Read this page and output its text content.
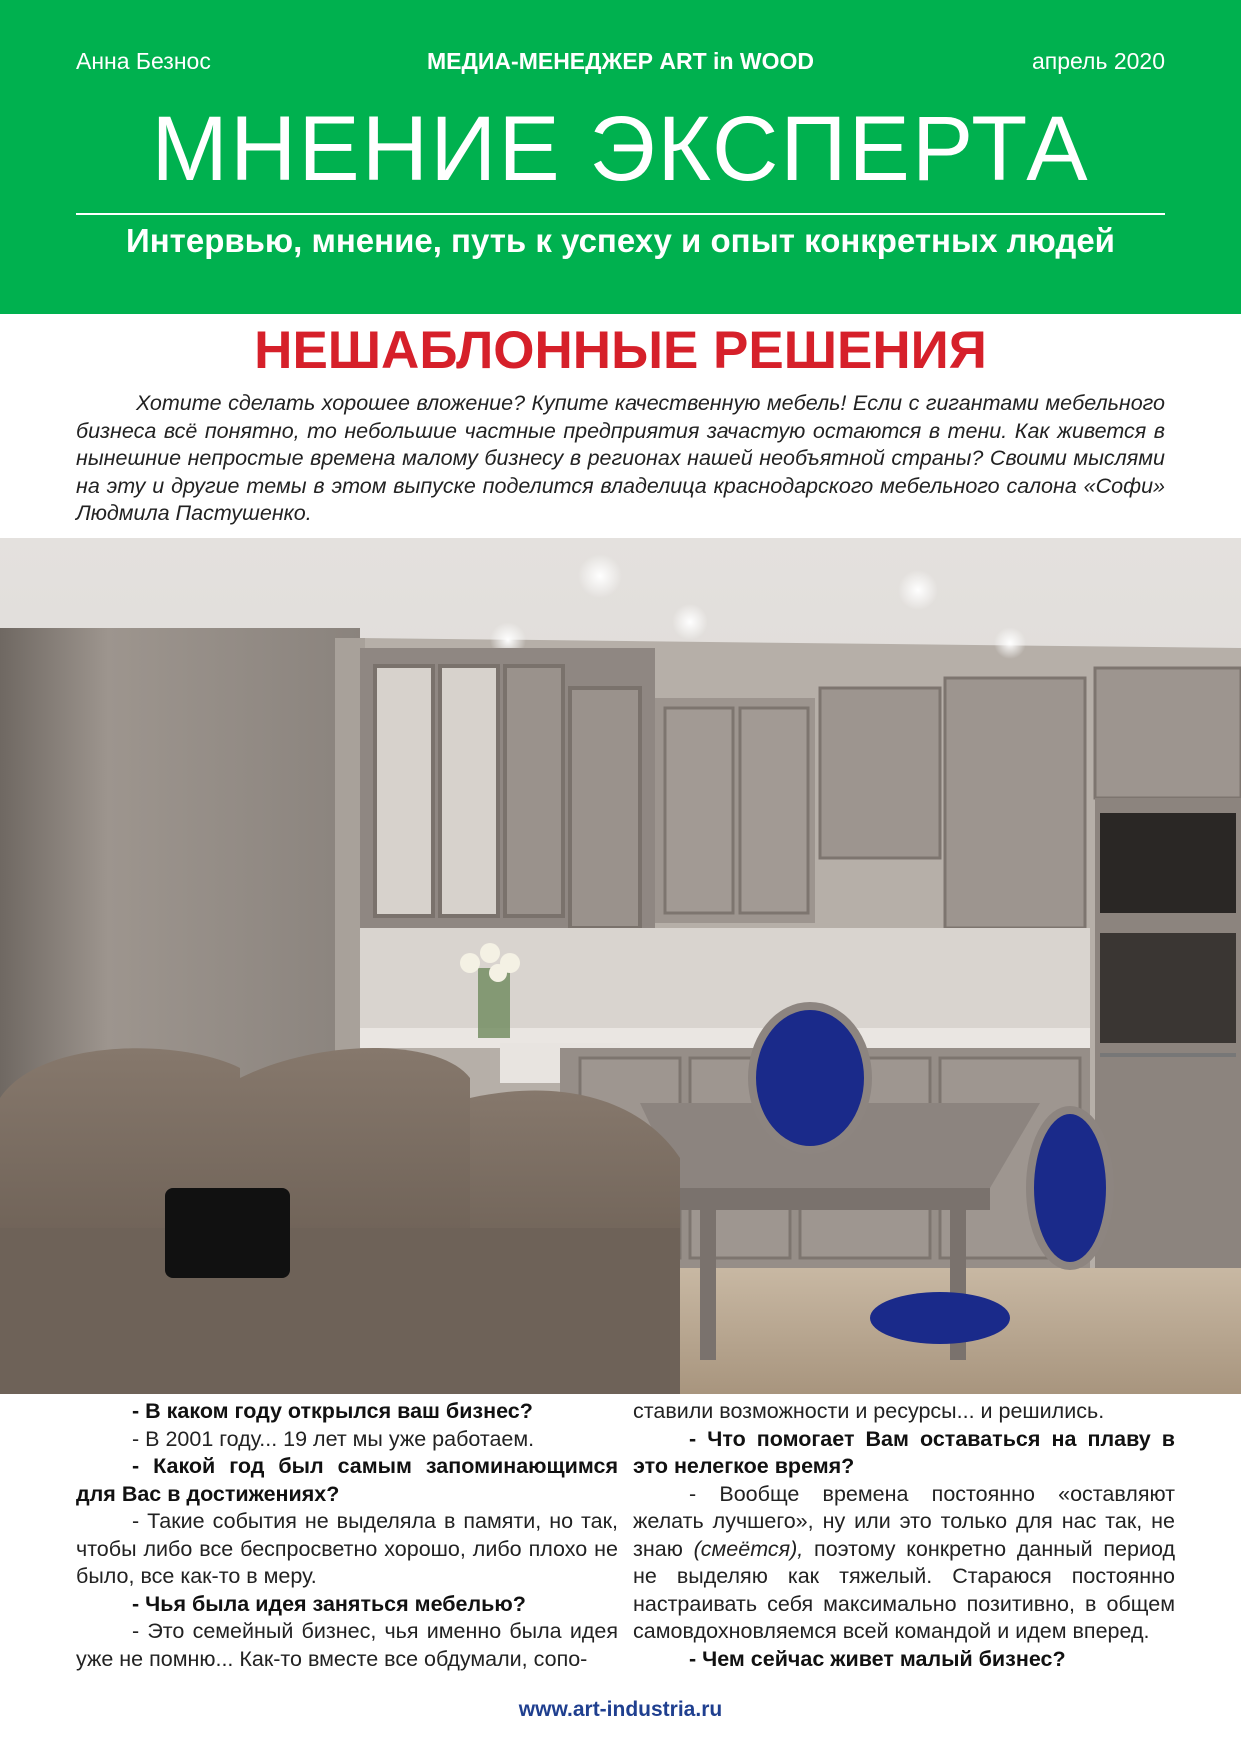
Анна Безнос	МЕДИА-МЕНЕДЖЕР ART in WOOD	апрель 2020
МНЕНИЕ ЭКСПЕРТА
Интервью, мнение, путь к успеху и опыт конкретных людей
НЕШАБЛОННЫЕ РЕШЕНИЯ

Хотите сделать хорошее вложение? Купите качественную мебель! Если с гигантами мебельного бизнеса всё понятно, то небольшие частные предприятия зачастую остаются в тени. Как живется в нынешние непростые времена малому бизнесу в регионах нашей необъятной страны? Своими мыслями на эту и другие темы в этом выпуске поделится владелица краснодарского мебельного салона «Софи» Людмила Пастушенко.

- В каком году открылся ваш бизнес?

- В 2001 году... 19 лет мы уже работаем.

- Какой год был самым запоминающимся для Вас в достижениях?

- Такие события не выделяла в памяти, но так, чтобы либо все беспросветно хорошо, либо плохо не было, все как-то в меру.

- Чья была идея заняться мебелью?

- Это семейный бизнес, чья именно была идея уже не помню... Как-то вместе все обдумали, сопо-

ставили возможности и ресурсы... и решились.

- Что помогает Вам оставаться на плаву в это нелегкое время?

- Вообще времена постоянно «оставляют желать лучшего», ну или это только для нас так, не знаю (смеётся), поэтому конкретно данный период не выделяю как тяжелый. Стараюся постоянно настраивать себя максимально позитивно, в общем самовдохновляемся всей командой и идем вперед.

- Чем сейчас живет малый бизнес?

www.art-industria.ru
